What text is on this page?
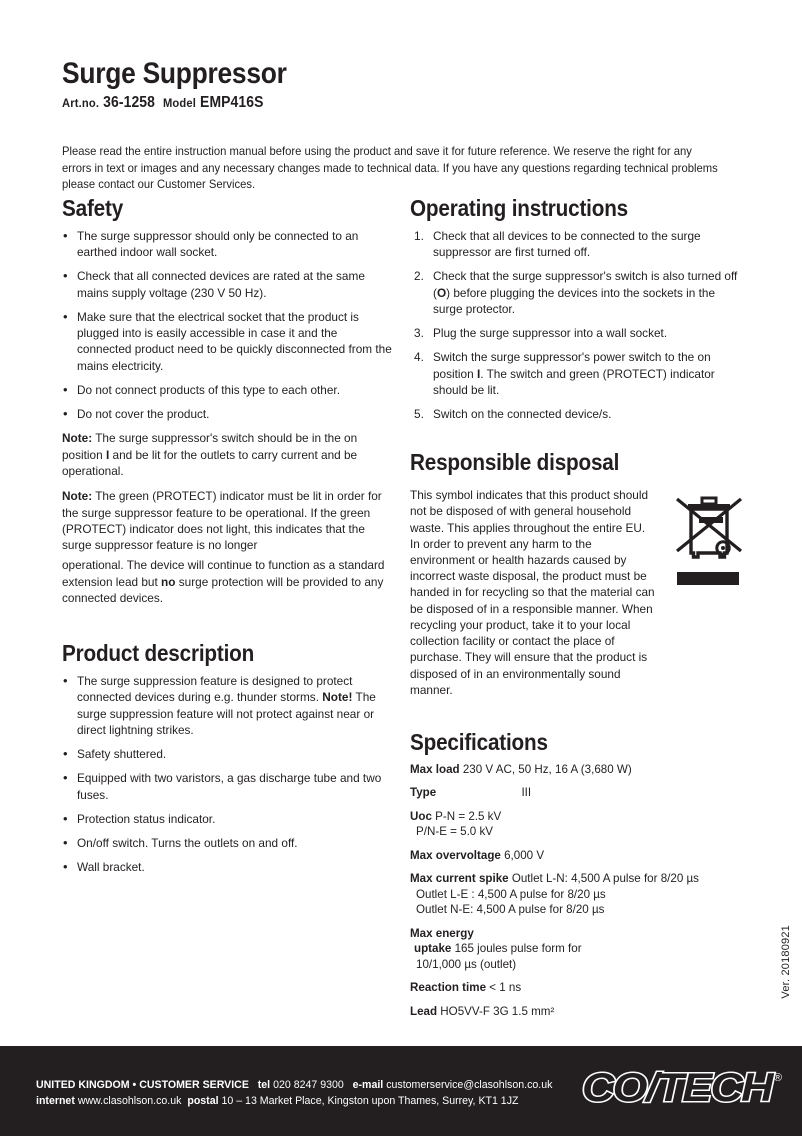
Surge Suppressor

Art.no. 36-1258 Model EMP416S

Please read the entire instruction manual before using the product and save it for future reference. We reserve the right for any errors in text or images and any necessary changes made to technical data. If you have any questions regarding technical problems please contact our Customer Services.

Safety
• The surge suppressor should only be connected to an earthed indoor wall socket.
• Check that all connected devices are rated at the same mains supply voltage (230 V 50 Hz).
• Make sure that the electrical socket that the product is plugged into is easily accessible in case it and the connected product need to be quickly disconnected from the mains electricity.
• Do not connect products of this type to each other.
• Do not cover the product.

Note: The surge suppressor's switch should be in the on position I and be lit for the outlets to carry current and be operational.

Note: The green (PROTECT) indicator must be lit in order for the surge suppressor feature to be operational. If the green (PROTECT) indicator does not light, this indicates that the surge suppressor feature is no longer

operational. The device will continue to function as a standard extension lead but no surge protection will be provided to any connected devices.

Product description
• The surge suppression feature is designed to protect connected devices during e.g. thunder storms. Note! The surge suppression feature will not protect against near or direct lightning strikes.
• Safety shuttered.
• Equipped with two varistors, a gas discharge tube and two fuses.
• Protection status indicator.
• On/off switch. Turns the outlets on and off.
• Wall bracket.
Operating instructions
Check that all devices to be connected to the surge suppressor are first turned off.
Check that the surge suppressor's switch is also turned off (O) before plugging the devices into the sockets in the surge protector.
Plug the surge suppressor into a wall socket.
Switch the surge suppressor's power switch to the on position I. The switch and green (PROTECT) indicator should be lit.
Switch on the connected device/s.
Responsible disposal

This symbol indicates that this product should not be disposed of with general household waste. This applies throughout the entire EU. In order to prevent any harm to the environment or health hazards caused by incorrect waste disposal, the product must be handed in for recycling so that the material can be disposed of in a responsible manner. When recycling your product, take it to your local collection facility or contact the place of purchase. They will ensure that the product is disposed of in an environmentally sound manner.

Specifications
Max load 230 V AC, 50 Hz, 16 A (3,680 W)
Type	III
Uoc P-N = 2.5 kV
P/N-E = 5.0 kV
Max overvoltage 6,000 V
Max current spike Outlet L-N: 4,500 A pulse for 8/20 µs
Outlet L-E : 4,500 A pulse for 8/20 µs
Outlet N-E: 4,500 A pulse for 8/20 µs
Max energy
uptake 165 joules pulse form for
10/1,000 µs (outlet)
Reaction time < 1 ns
Lead HO5VV-F 3G 1.5 mm²
Ver. 20180921
UNITED KINGDOM • CUSTOMER SERVICE tel 020 8247 9300 e-mail customerservice@clasohlson.co.uk
internet www.clasohlson.co.uk postal 10 – 13 Market Place, Kingston upon Thames, Surrey, KT1 1JZ	CO/TECH ®
